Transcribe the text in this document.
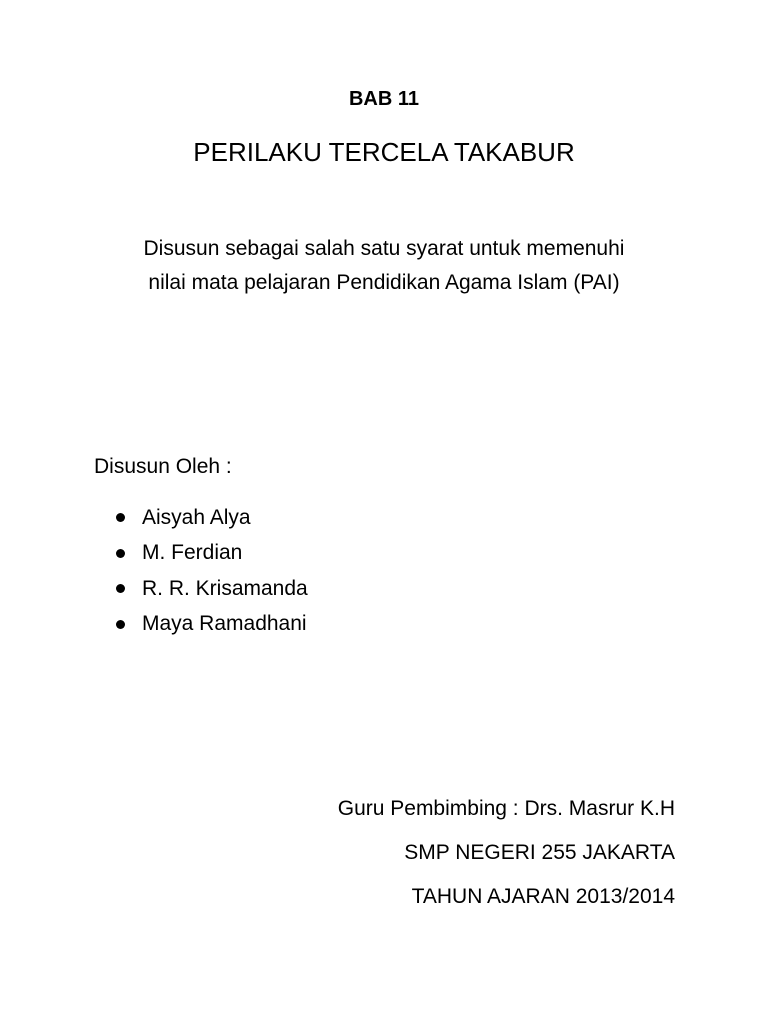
BAB 11
PERILAKU TERCELA TAKABUR
Disusun sebagai salah satu syarat untuk memenuhi
nilai mata pelajaran Pendidikan Agama Islam (PAI)
Disusun Oleh :
Aisyah Alya
M. Ferdian
R. R. Krisamanda
Maya Ramadhani
Guru Pembimbing : Drs. Masrur K.H
SMP NEGERI 255 JAKARTA
TAHUN AJARAN 2013/2014
